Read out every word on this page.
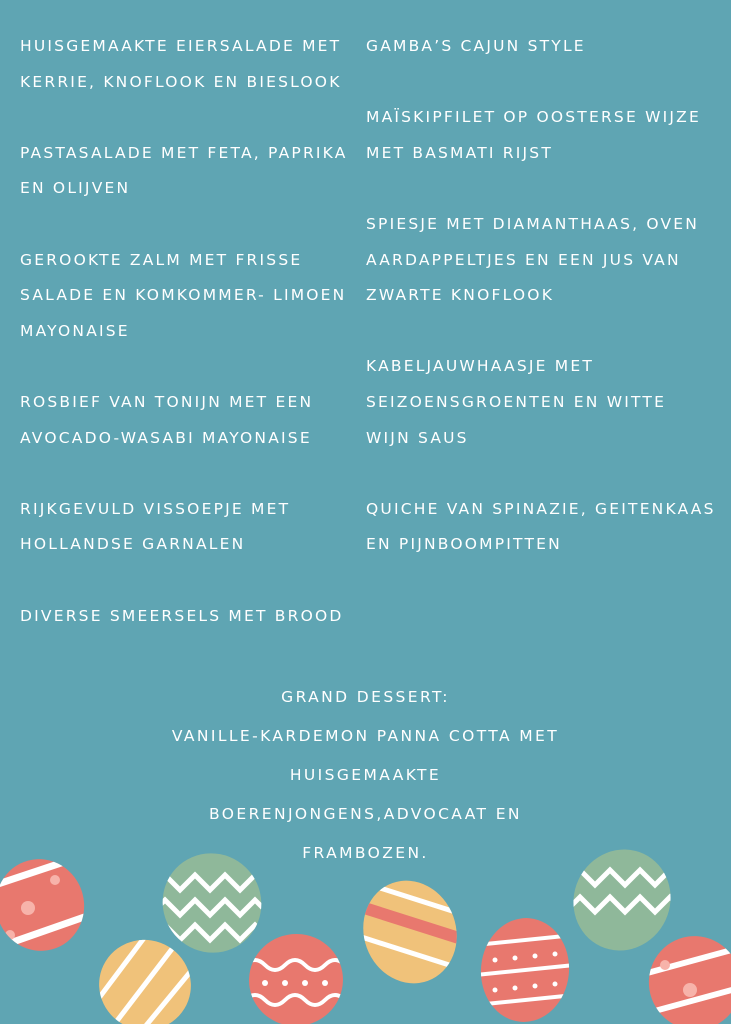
HUISGEMAAKTE EIERSALADE MET
KERRIE, KNOFLOOK EN BIESLOOK
PASTASALADE MET FETA, PAPRIKA
EN OLIJVEN
GEROOKTE ZALM MET FRISSE
SALADE EN KOMKOMMER- LIMOEN
MAYONAISE
ROSBIEF VAN TONIJN MET EEN
AVOCADO-WASABI MAYONAISE
RIJKGEVULD VISSOEPJE MET
HOLLANDSE GARNALEN
DIVERSE SMEERSELS MET BROOD
GAMBA’S CAJUN STYLE
MAÏSKIPFILET OP OOSTERSE WIJZE
MET BASMATI RIJST
SPIESJE MET DIAMANTHAAS, OVEN
AARDAPPELTJES EN EEN JUS VAN
ZWARTE KNOFLOOK
KABELJAUWHAASJE MET
SEIZOENSGROENTEN EN WITTE
WIJN SAUS
QUICHE VAN SPINAZIE, GEITENKAAS
EN PIJNBOOMPITTEN
GRAND DESSERT:
VANILLE-KARDEMON PANNA COTTA MET
HUISGEMAAKTE
BOERENJONGENS,ADVOCAAT EN
FRAMBOZEN.
